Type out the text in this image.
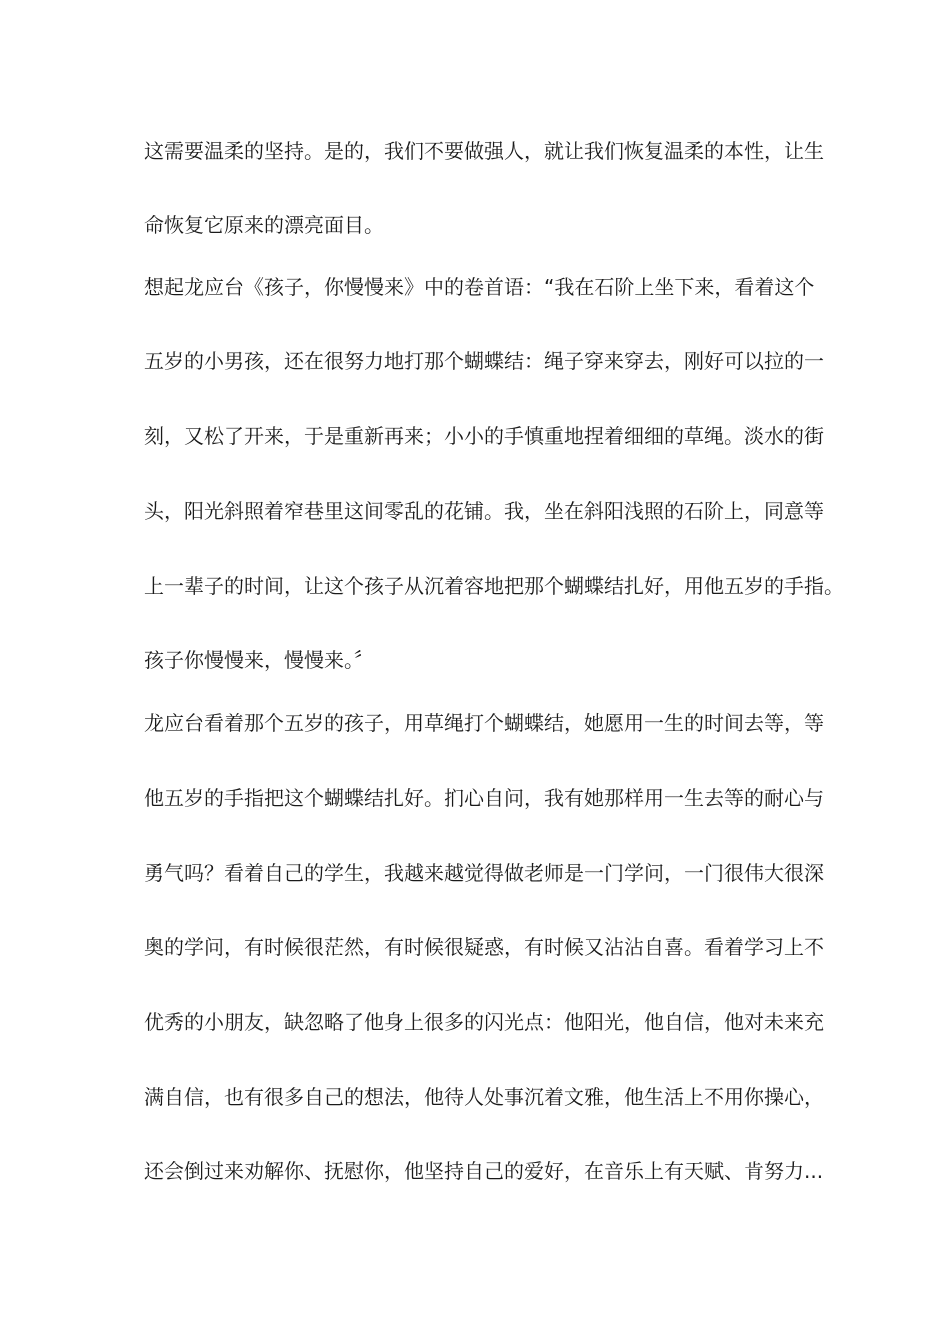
这需要温柔的坚持。是的，我们不要做强人，就让我们恢复温柔的本性，让生
命恢复它原来的漂亮面目。
想起龙应台《孩子，你慢慢来》中的卷首语：“我在石阶上坐下来，看着这个
五岁的小男孩，还在很努力地打那个蝴蝶结：绳子穿来穿去，刚好可以拉的一
刻，又松了开来，于是重新再来；小小的手慎重地捏着细细的草绳。淡水的街
头，阳光斜照着窄巷里这间零乱的花铺。我，坐在斜阳浅照的石阶上，同意等
上一辈子的时间，让这个孩子从沉着容地把那个蝴蝶结扎好，用他五岁的手指。
孩子你慢慢来，慢慢来。〞
龙应台看着那个五岁的孩子，用草绳打个蝴蝶结，她愿用一生的时间去等，等
他五岁的手指把这个蝴蝶结扎好。扪心自问，我有她那样用一生去等的耐心与
勇气吗？看着自己的学生，我越来越觉得做老师是一门学问，一门很伟大很深
奥的学问，有时候很茫然，有时候很疑惑，有时候又沾沾自喜。看着学习上不
优秀的小朋友，缺忽略了他身上很多的闪光点：他阳光，他自信，他对未来充
满自信，也有很多自己的想法，他待人处事沉着文雅，他生活上不用你操心，
还会倒过来劝解你、抚慰你，他坚持自己的爱好，在音乐上有天赋、肯努力...
